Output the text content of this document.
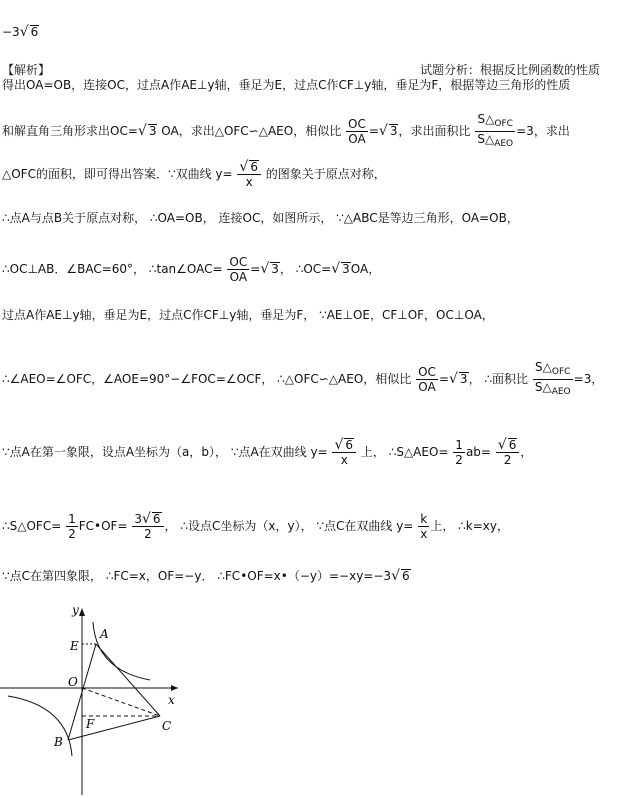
−3√ 6
【解析】	试题分析：根据反比例函数的性质
得出OA=OB，连接OC，过点A作AE⊥y轴，垂足为E，过点C作CF⊥y轴，垂足为F，根据等边三角形的性质
和解直角三角形求出OC=√ 3 OA，求出△OFC∽△AEO，相似比 $\frac{OC}{OA}$ =√ 3，求出面积比 $\frac{S\triangle_{OFC}}{S\triangle_{AEO}} =3$，求出
△OFC的面积，即可得出答案．∵双曲线 $y= \frac{√ 6}{x}$ 的图象关于原点对称，
∴点A与点B关于原点对称， ∴OA=OB， 连接OC，如图所示， ∵△ABC是等边三角形，OA=OB，
∴OC⊥AB．∠BAC=60°， ∴tan∠OAC= $\frac{OC}{OA}$ =√ 3， ∴OC=√ 3OA，
过点A作AE⊥y轴，垂足为E，过点C作CF⊥y轴，垂足为F， ∵AE⊥OE，CF⊥OF，OC⊥OA，
∴∠AEO=∠OFC，∠AOE=90°−∠FOC=∠OCF， ∴△OFC∽△AEO，相似比 $\frac{OC}{OA}$ =√ 3， ∴面积比 $\frac{S\triangle_{OFC}}{S\triangle_{AEO}} =3$，
∵点A在第一象限，设点A坐标为（a，b）， ∵点A在双曲线 $y= \frac{√ 6}{x}$ 上， ∴S△AEO= $\frac{1}{2} ab= \frac{√ 6}{2}$ ，
∴S△OFC= $\frac{1}{2}$ FC•OF= $\frac{3√ 6}{2}$ ， ∴设点C坐标为（x，y）， ∵点C在双曲线 $y= \frac{k}{x}$ 上， ∴k=xy，
∵点C在第四象限， ∴FC=x，OF=−y． ∴FC•OF=x•（−y）=−xy=−3√ 6
y
x
E
A
O
F	C
B
